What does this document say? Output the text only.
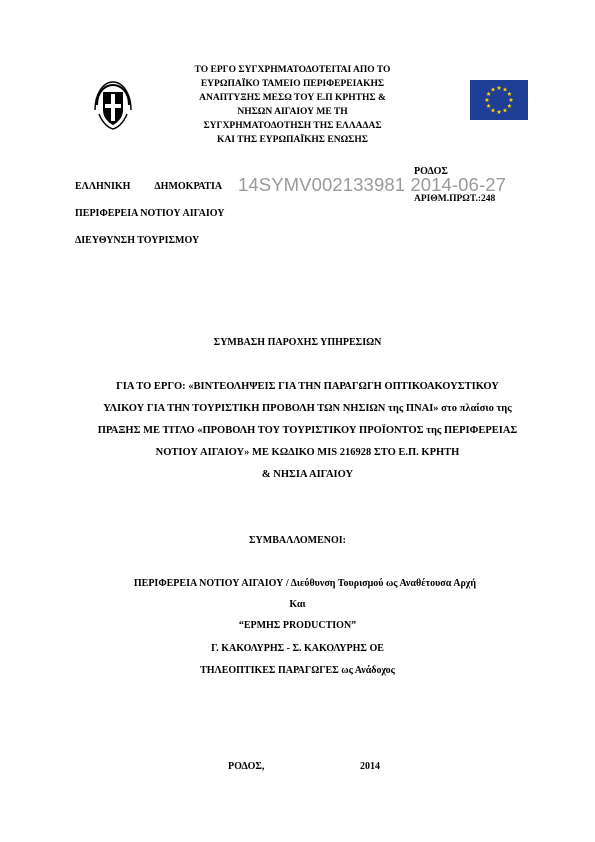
ΤΟ ΕΡΓΟ ΣΥΓΧΡΗΜΑΤΟΔΟΤΕΙΤΑΙ ΑΠΟ ΤΟ
ΕΥΡΩΠΑΪΚΟ ΤΑΜΕΙΟ ΠΕΡΙΦΕΡΕΙΑΚΗΣ
ΑΝΑΠΤΥΞΗΣ ΜΕΣΩ ΤΟΥ Ε.Π ΚΡΗΤΗΣ &
ΝΗΣΩΝ ΑΙΓΑΙΟΥ ΜΕ ΤΗ
ΣΥΓΧΡΗΜΑΤΟΔΟΤΗΣΗ ΤΗΣ ΕΛΛΑΔΑΣ
ΚΑΙ ΤΗΣ ΕΥΡΩΠΑΪΚΗΣ ΕΝΩΣΗΣ
ΕΛΛΗΝΙΚΗ ΔΗΜΟΚΡΑΤΙΑ
ΠΕΡΙΦΕΡΕΙΑ ΝΟΤΙΟΥ ΑΙΓΑΙΟΥ
ΔΙΕΥΘΥΝΣΗ ΤΟΥΡΙΣΜΟΥ
ΡΟΔΟΣ
ΑΡΙΘΜ.ΠΡΩΤ.:248
14SYMV002133981 2014-06-27
ΣΥΜΒΑΣΗ ΠΑΡΟΧΗΣ ΥΠΗΡΕΣΙΩΝ
ΓΙΑ ΤΟ ΕΡΓΟ: «ΒΙΝΤΕΟΛΗΨΕΙΣ ΓΙΑ ΤΗΝ ΠΑΡΑΓΩΓΗ ΟΠΤΙΚΟΑΚΟΥΣΤΙΚΟΥ
ΥΛΙΚΟΥ ΓΙΑ ΤΗΝ ΤΟΥΡΙΣΤΙΚΗ ΠΡΟΒΟΛΗ ΤΩΝ ΝΗΣΙΩΝ της ΠΝΑΙ» στο πλαίσιο της
ΠΡΑΞΗΣ ΜΕ ΤΙΤΛΟ «ΠΡΟΒΟΛΗ ΤΟΥ ΤΟΥΡΙΣΤΙΚΟΥ ΠΡΟΪΟΝΤΟΣ της ΠΕΡΙΦΕΡΕΙΑΣ
ΝΟΤΙΟΥ ΑΙΓΑΙΟΥ» ΜΕ ΚΩΔΙΚΟ MIS 216928 ΣΤΟ Ε.Π. ΚΡΗΤΗ
& ΝΗΣΙΑ ΑΙΓΑΙΟΥ
ΣΥΜΒΑΛΛΟΜΕΝΟΙ:
ΠΕΡΙΦΕΡΕΙΑ ΝΟΤΙΟΥ ΑΙΓΑΙΟΥ / Διεύθυνση Τουρισμού ως Αναθέτουσα Αρχή
Και
“ΕΡΜΗΣ PRODUCTION”
Γ. ΚΑΚΟΛΥΡΗΣ - Σ. ΚΑΚΟΛΥΡΗΣ ΟΕ
ΤΗΛΕΟΠΤΙΚΕΣ ΠΑΡΑΓΩΓΕΣ ως Ανάδοχος
ΡΟΔΟΣ,	2014
